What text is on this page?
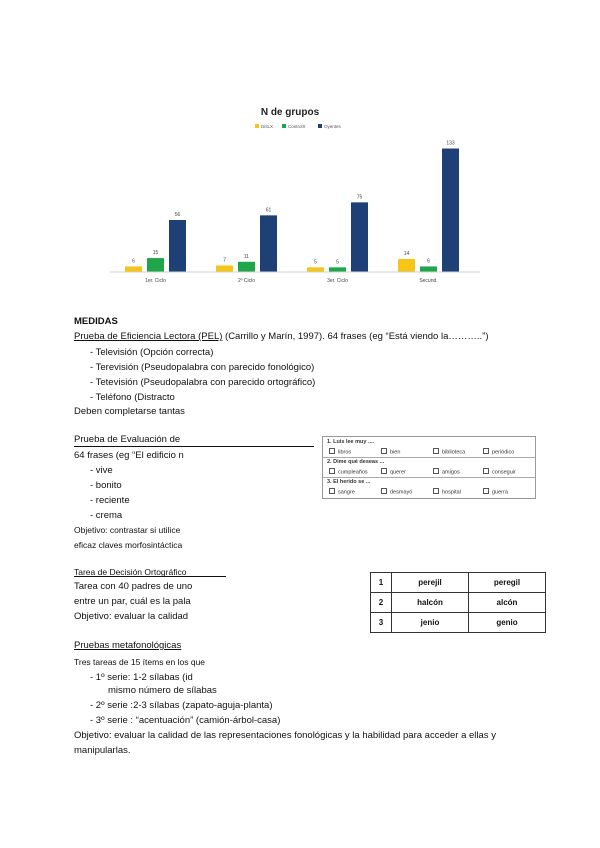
N de grupos
DisLX	ControlX	Oyentes
6
15
56
7
11
61
5	5
75
14
6
133
1er. Ciclo	2º Ciclo	3er. Ciclo	Secund.
MEDIDAS
Prueba de Eficiencia Lectora (PEL) (Carrillo y Marín, 1997). 64 frases (eg “Está viendo la………..”)
- Televisión (Opción correcta)
- Terevisión (Pseudopalabra con parecido fonológico)
- Tetevisión (Pseudopalabra con parecido ortográfico)
- Teléfono (Distracto
Deben completarse tantas
Prueba de Evaluación de
64 frases (eg “El edificio n
- vive
- bonito
- reciente
- crema
Objetivo: contrastar si utilice
eficaz claves morfosintáctica
Tarea de Decisión Ortográfico
Tarea con 40 padres de uno
entre un par, cuál es la pala
Objetivo: evaluar la calidad
Pruebas metafonológicas
Tres tareas de 15 ítems en los que
- 1º serie: 1-2 sílabas (id
mismo número de sílabas
- 2º serie :2-3 sílabas (zapato-aguja-planta)
- 3º serie : “acentuación” (camión-árbol-casa)
Objetivo: evaluar la calidad de las representaciones fonológicas y la habilidad para acceder a ellas y
manipularlas.
1. Luis lee muy ....
libros	bien	biblioteca	periódico
2. Dime qué deseas ...
cumpleaños	querer	amigos	conseguir
3. El herido se ...
sangre	desmayó	hospital	guerra
1	perejil	peregil
2	halcón	alcón
3	jenio	genio
